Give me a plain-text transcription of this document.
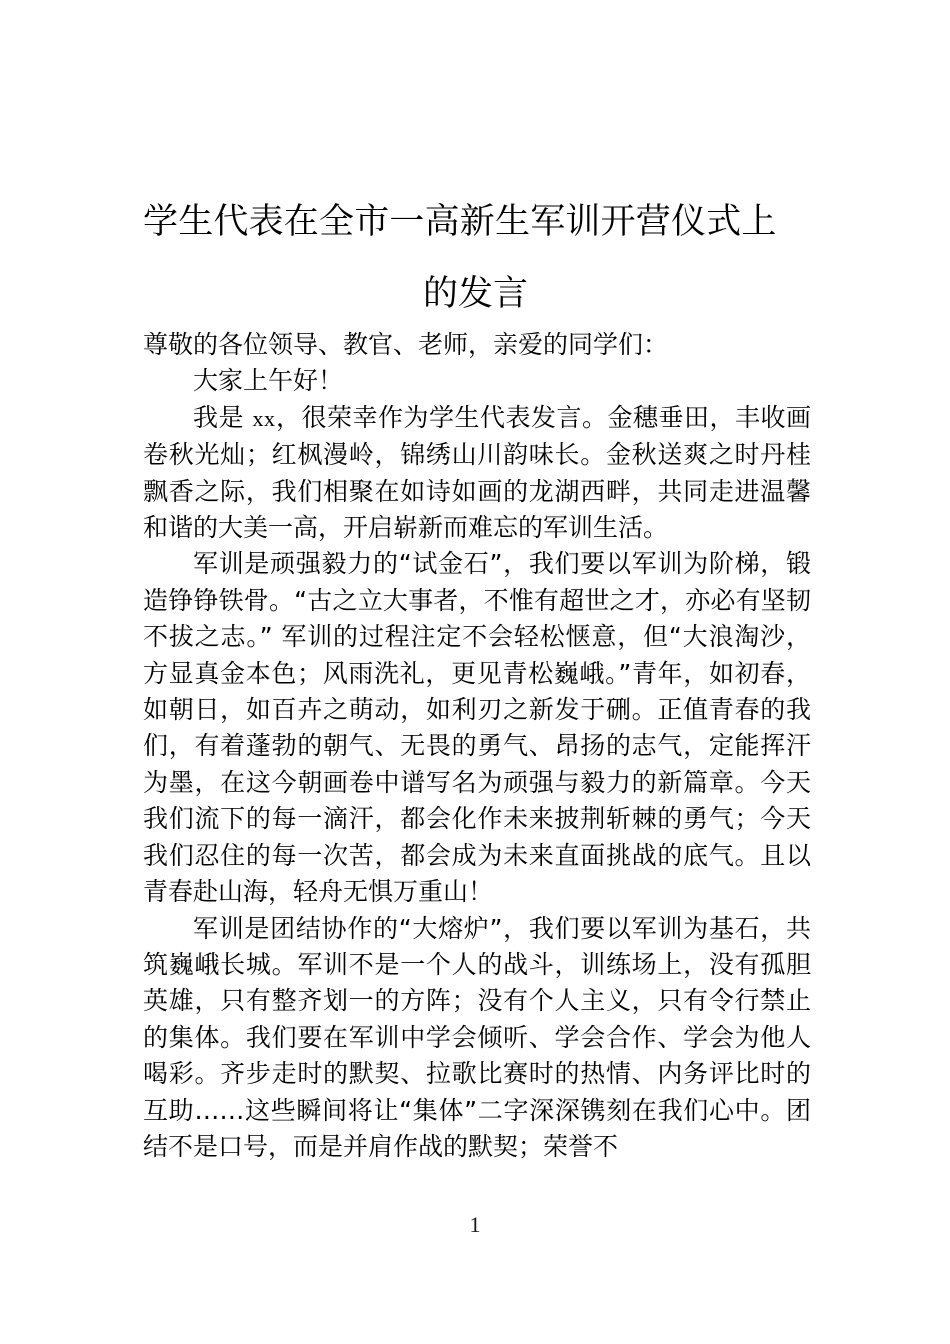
学生代表在全市一高新生军训开营仪式上
的发言

尊敬的各位领导、教官、老师，亲爱的同学们：

大家上午好！

我是 xx，很荣幸作为学生代表发言。金穗垂田，丰收画卷秋光灿；红枫漫岭，锦绣山川韵味长。金秋送爽之时丹桂飘香之际，我们相聚在如诗如画的龙湖西畔，共同走进温馨和谐的大美一高，开启崭新而难忘的军训生活。

军训是顽强毅力的“试金石”，我们要以军训为阶梯，锻造铮铮铁骨。“古之立大事者，不惟有超世之才，亦必有坚韧不拔之志。” 军训的过程注定不会轻松惬意，但“大浪淘沙，方显真金本色；风雨洗礼，更见青松巍峨。”青年，如初春，如朝日，如百卉之萌动，如利刃之新发于硎。正值青春的我们，有着蓬勃的朝气、无畏的勇气、昂扬的志气，定能挥汗为墨，在这今朝画卷中谱写名为顽强与毅力的新篇章。今天我们流下的每一滴汗，都会化作未来披荆斩棘的勇气；今天我们忍住的每一次苦，都会成为未来直面挑战的底气。且以青春赴山海，轻舟无惧万重山！

军训是团结协作的“大熔炉”，我们要以军训为基石，共筑巍峨长城。军训不是一个人的战斗，训练场上，没有孤胆英雄，只有整齐划一的方阵；没有个人主义，只有令行禁止的集体。我们要在军训中学会倾听、学会合作、学会为他人喝彩。齐步走时的默契、拉歌比赛时的热情、内务评比时的互助……这些瞬间将让“集体”二字深深镌刻在我们心中。团结不是口号，而是并肩作战的默契；荣誉不

1
